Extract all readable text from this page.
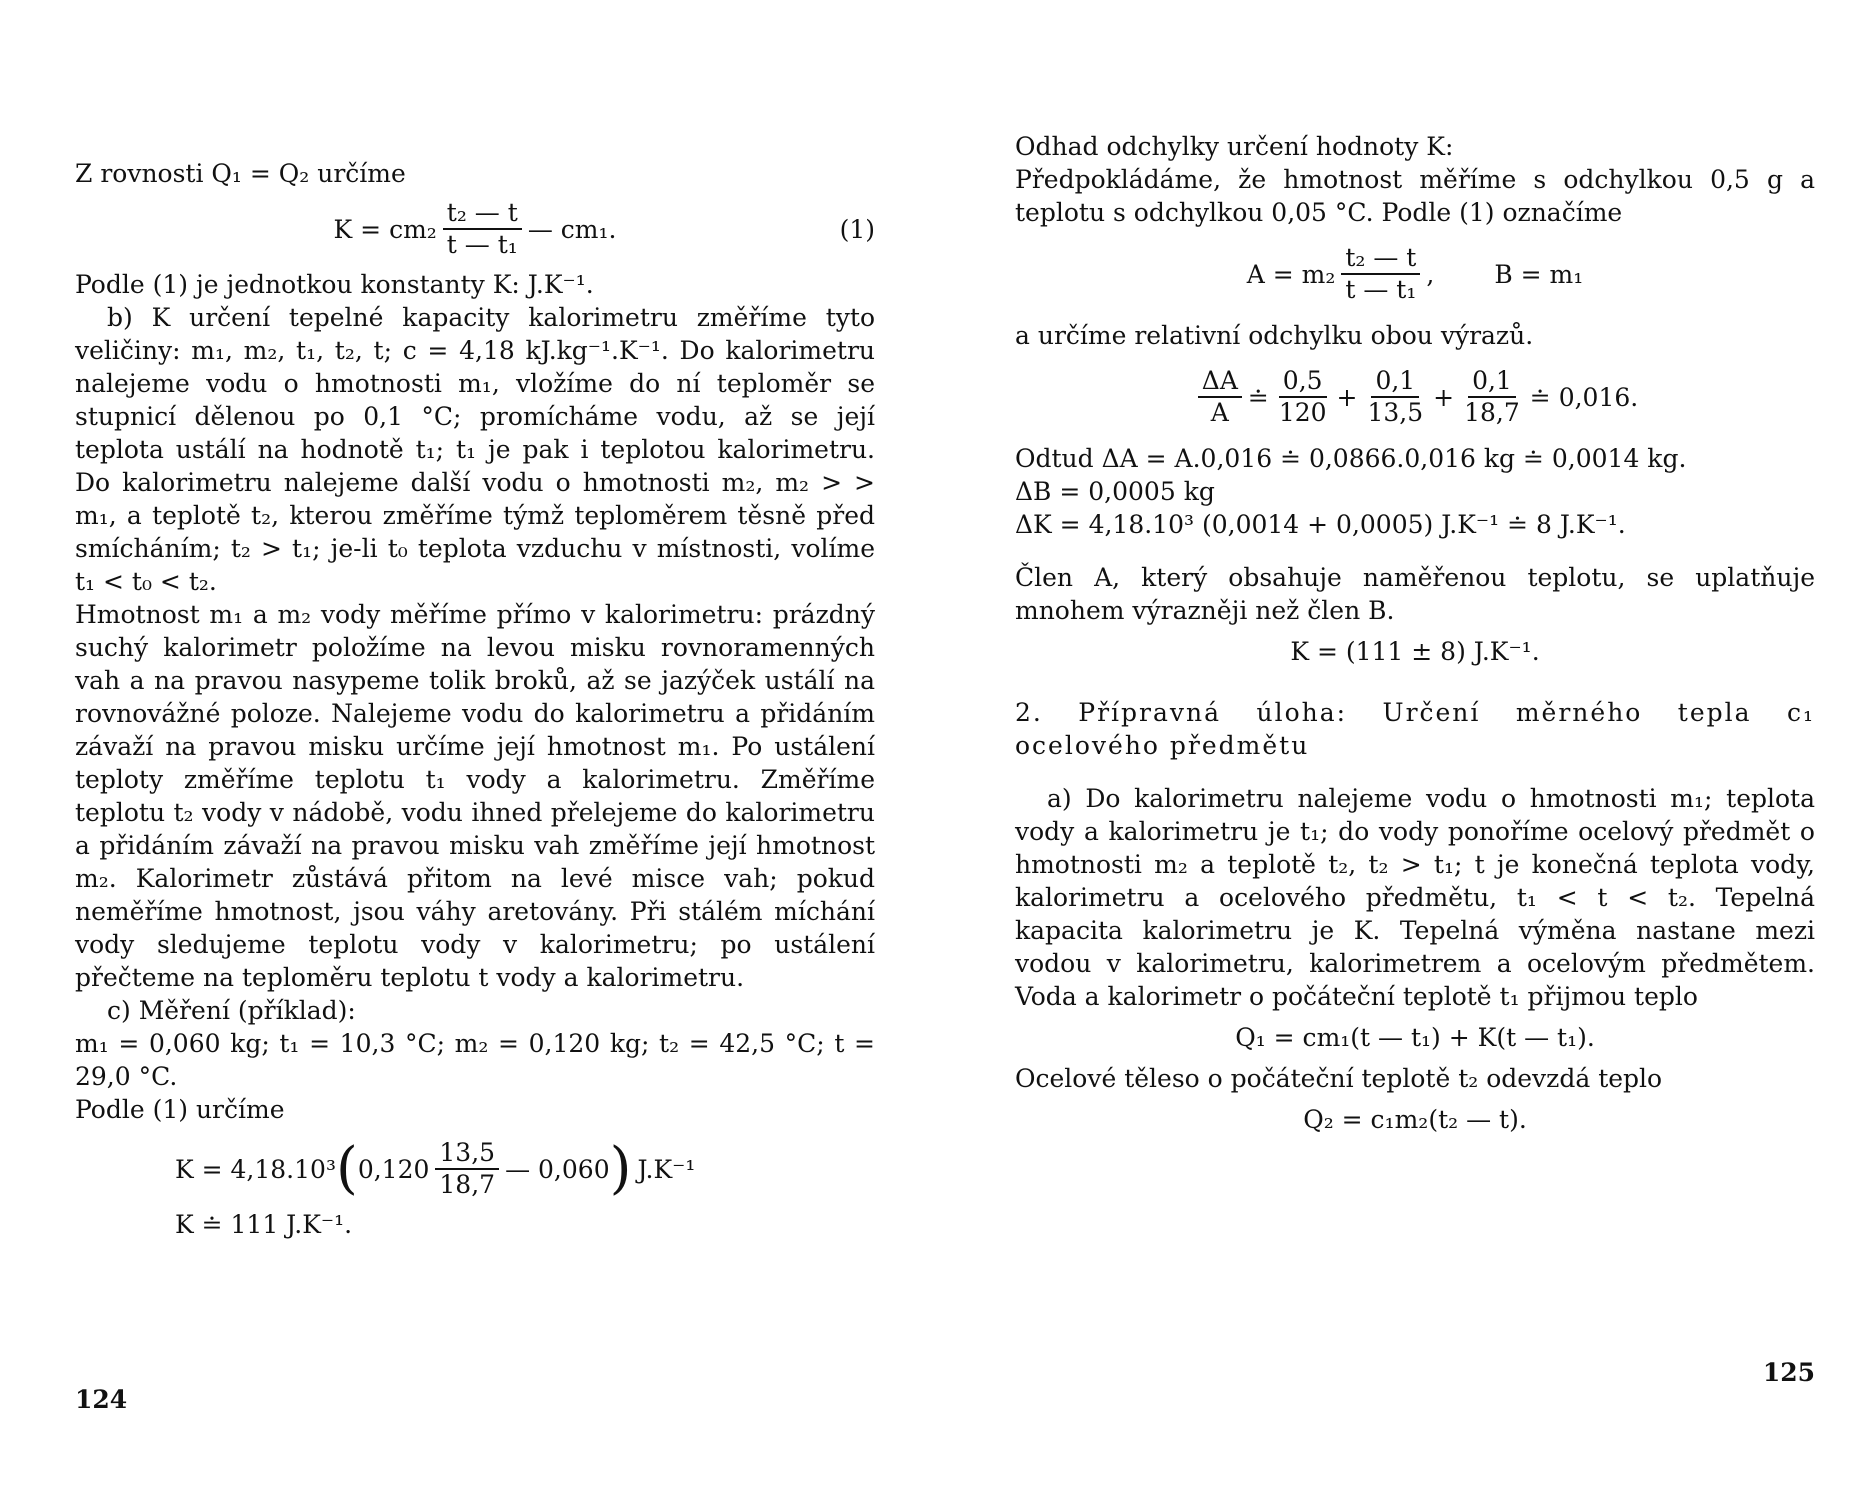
Z rovnosti Q₁ = Q₂ určíme

$K = cm_2 \frac{\text{t₂ — t}}{\text{t — t₁}}$ — cm₁.	(1)

Podle (1) je jednotkou konstanty K: J.K⁻¹.

b) K určení tepelné kapacity kalorimetru změříme tyto veličiny: m₁, m₂, t₁, t₂, t; c = 4,18 kJ.kg⁻¹.K⁻¹. Do kalorimetru nalejeme vodu o hmotnosti m₁, vložíme do ní teploměr se stupnicí dělenou po 0,1 °C; promícháme vodu, až se její teplota ustálí na hodnotě t₁; t₁ je pak i teplotou kalorimetru. Do kalorimetru nalejeme další vodu o hmotnosti m₂, m₂ > > m₁, a teplotě t₂, kterou změříme týmž teploměrem těsně před smícháním; t₂ > t₁; je-li t₀ teplota vzduchu v místnosti, volíme t₁ < t₀ < t₂.

Hmotnost m₁ a m₂ vody měříme přímo v kalorimetru: prázdný suchý kalorimetr položíme na levou misku rovnoramenných vah a na pravou nasypeme tolik broků, až se jazýček ustálí na rovnovážné poloze. Nalejeme vodu do kalorimetru a přidáním závaží na pravou misku určíme její hmotnost m₁. Po ustálení teploty změříme teplotu t₁ vody a kalorimetru. Změříme teplotu t₂ vody v nádobě, vodu ihned přelejeme do kalorimetru a přidáním závaží na pravou misku vah změříme její hmotnost m₂. Kalorimetr zůstává přitom na levé misce vah; pokud neměříme hmotnost, jsou váhy aretovány. Při stálém míchání vody sledujeme teplotu vody v kalorimetru; po ustálení přečteme na teploměru teplotu t vody a kalorimetru.

c) Měření (příklad):

m₁ = 0,060 kg; t₁ = 10,3 °C; m₂ = 0,120 kg; t₂ = 42,5 °C; t = 29,0 °C.

Podle (1) určíme

K = 4,18.10³ ( $0,120 \frac{13,5}{18,7}$ — 0,060 ) J.K⁻¹

K ≐ 111 J.K⁻¹.

124

Odhad odchylky určení hodnoty K:

Předpokládáme, že hmotnost měříme s odchylkou 0,5 g a teplotu s odchylkou 0,05 °C. Podle (1) označíme

$A = m_2 \frac{\text{t₂ — t}}{\text{t — t₁}}$ , B = m₁

a určíme relativní odchylku obou výrazů.

$\frac{\Delta A}{A}$ ≐ $\frac{0,5}{120} + \frac{0,1}{13,5} + \frac{0,1}{18,7}$ ≐ 0,016.

Odtud ΔA = A.0,016 ≐ 0,0866.0,016 kg ≐ 0,0014 kg.

ΔB = 0,0005 kg

ΔK = 4,18.10³ (0,0014 + 0,0005) J.K⁻¹ ≐ 8 J.K⁻¹.

Člen A, který obsahuje naměřenou teplotu, se uplatňuje mnohem výrazněji než člen B.

K = (111 ± 8) J.K⁻¹.

2. Přípravná úloha: Určení měrného tepla c₁ ocelového předmětu

a) Do kalorimetru nalejeme vodu o hmotnosti m₁; teplota vody a kalorimetru je t₁; do vody ponoříme ocelový předmět o hmotnosti m₂ a teplotě t₂, t₂ > t₁; t je konečná teplota vody, kalorimetru a ocelového předmětu, t₁ < t < t₂. Tepelná kapacita kalorimetru je K. Tepelná výměna nastane mezi vodou v kalorimetru, kalorimetrem a ocelovým předmětem. Voda a kalorimetr o počáteční teplotě t₁ přijmou teplo

Q₁ = cm₁(t — t₁) + K(t — t₁).

Ocelové těleso o počáteční teplotě t₂ odevzdá teplo

Q₂ = c₁m₂(t₂ — t).
125
